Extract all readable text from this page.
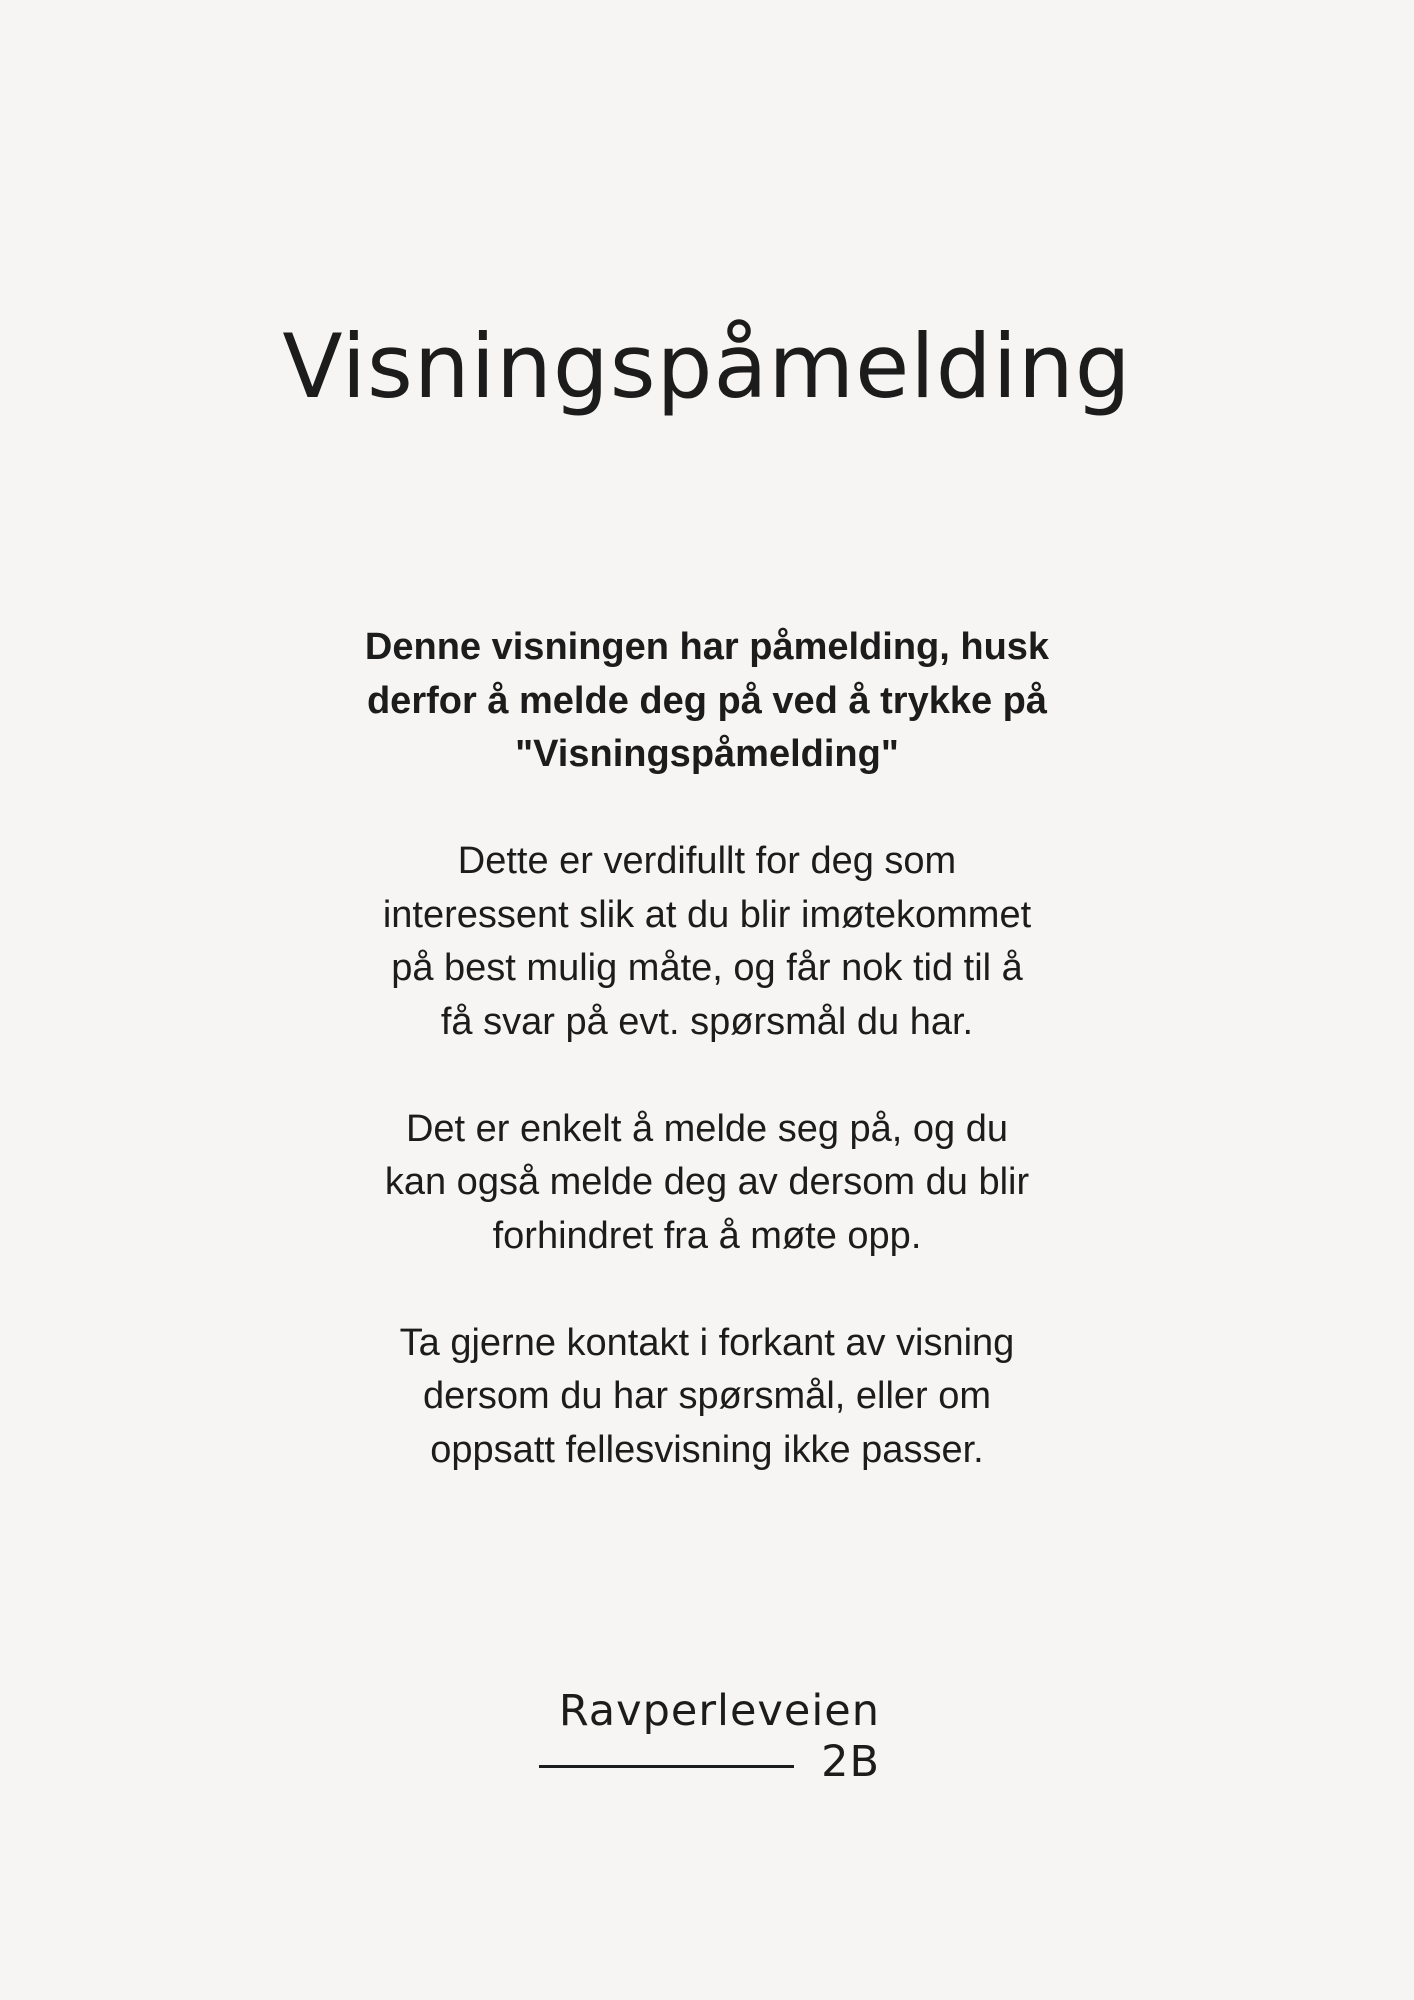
Visningspåmelding

Denne visningen har påmelding, husk
derfor å melde deg på ved å trykke på
"Visningspåmelding"

Dette er verdifullt for deg som
interessent slik at du blir imøtekommet
på best mulig måte, og får nok tid til å
få svar på evt. spørsmål du har.

Det er enkelt å melde seg på, og du
kan også melde deg av dersom du blir
forhindret fra å møte opp.

Ta gjerne kontakt i forkant av visning
dersom du har spørsmål, eller om
oppsatt fellesvisning ikke passer.

Ravperleveien
2B
